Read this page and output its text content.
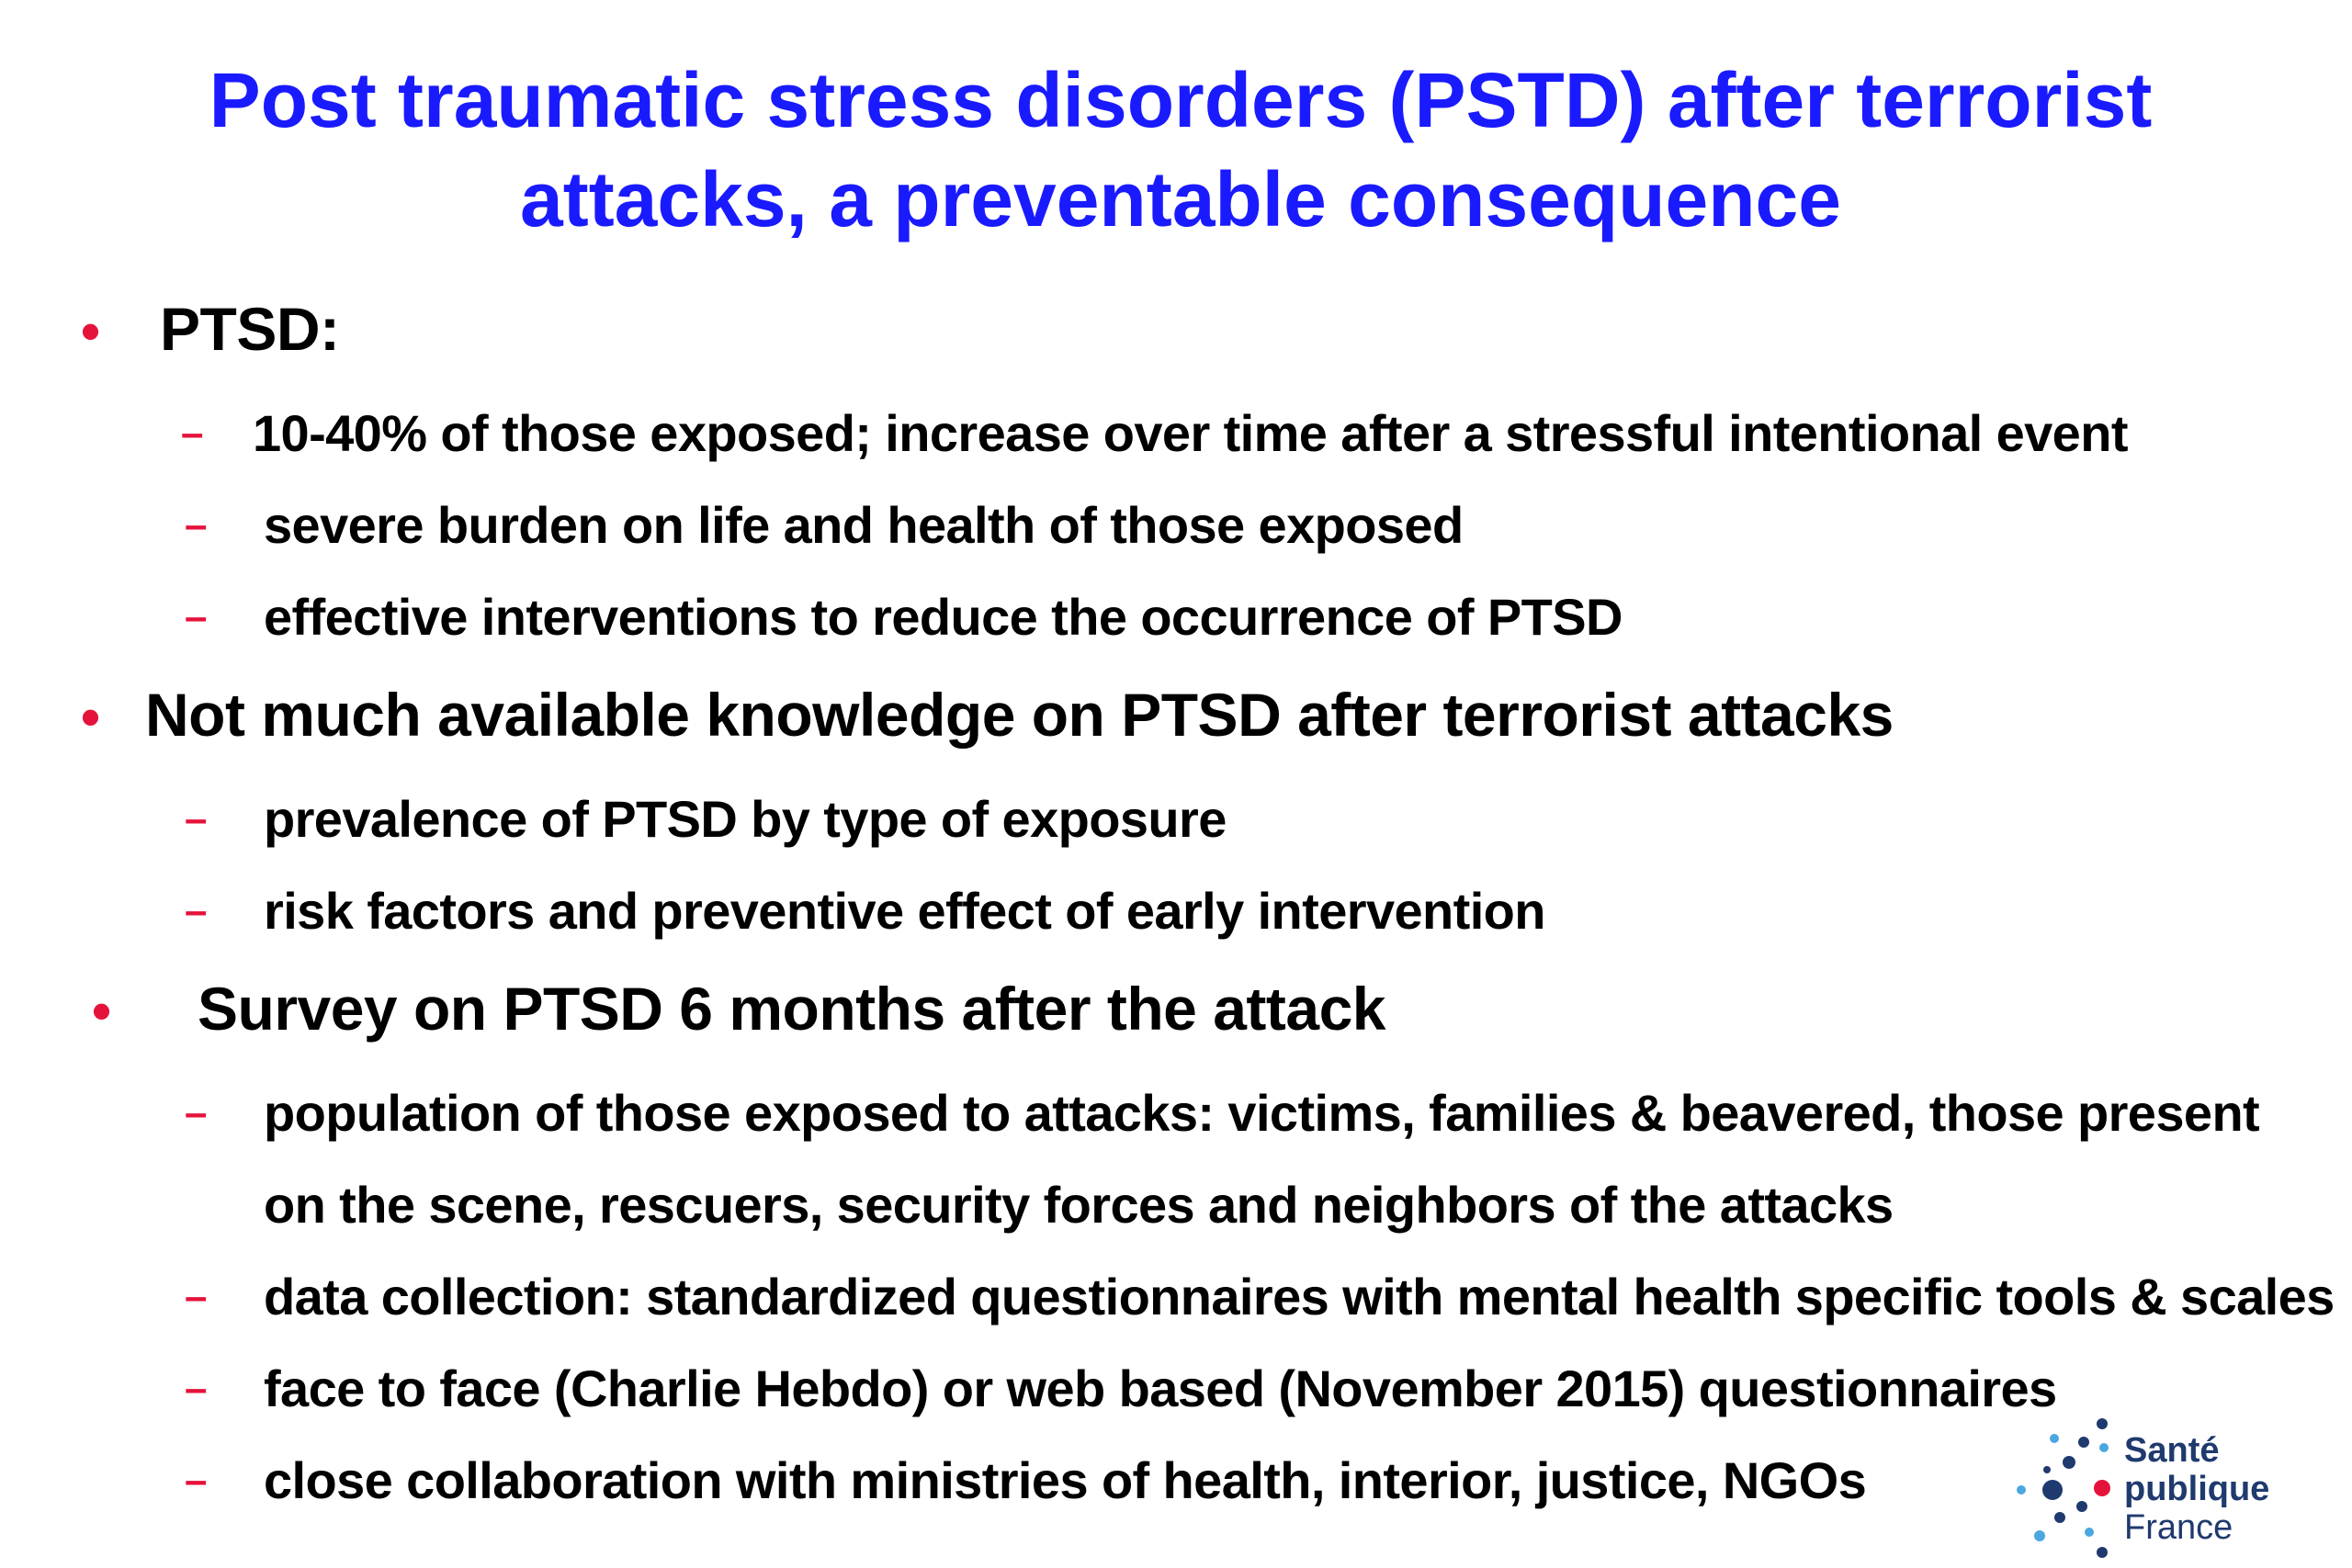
Post traumatic stress disorders (PSTD) after terrorist
attacks, a preventable consequence
• PTSD:
– 10-40% of those exposed; increase over time after a stressful intentional event
– severe burden on life and health of those exposed
– effective interventions to reduce the occurrence of PTSD
• Not much available knowledge on PTSD after terrorist attacks
– prevalence of PTSD by type of exposure
– risk factors and preventive effect of early intervention
• Survey on PTSD 6 months after the attack
– population of those exposed to attacks: victims, families & beavered, those present on the scene, rescuers, security forces and neighbors of the attacks
– data collection: standardized questionnaires with mental health specific tools & scales
– face to face (Charlie Hebdo) or web based (November 2015) questionnaires
– close collaboration with ministries of health, interior, justice, NGOs
Santé
publique
France
